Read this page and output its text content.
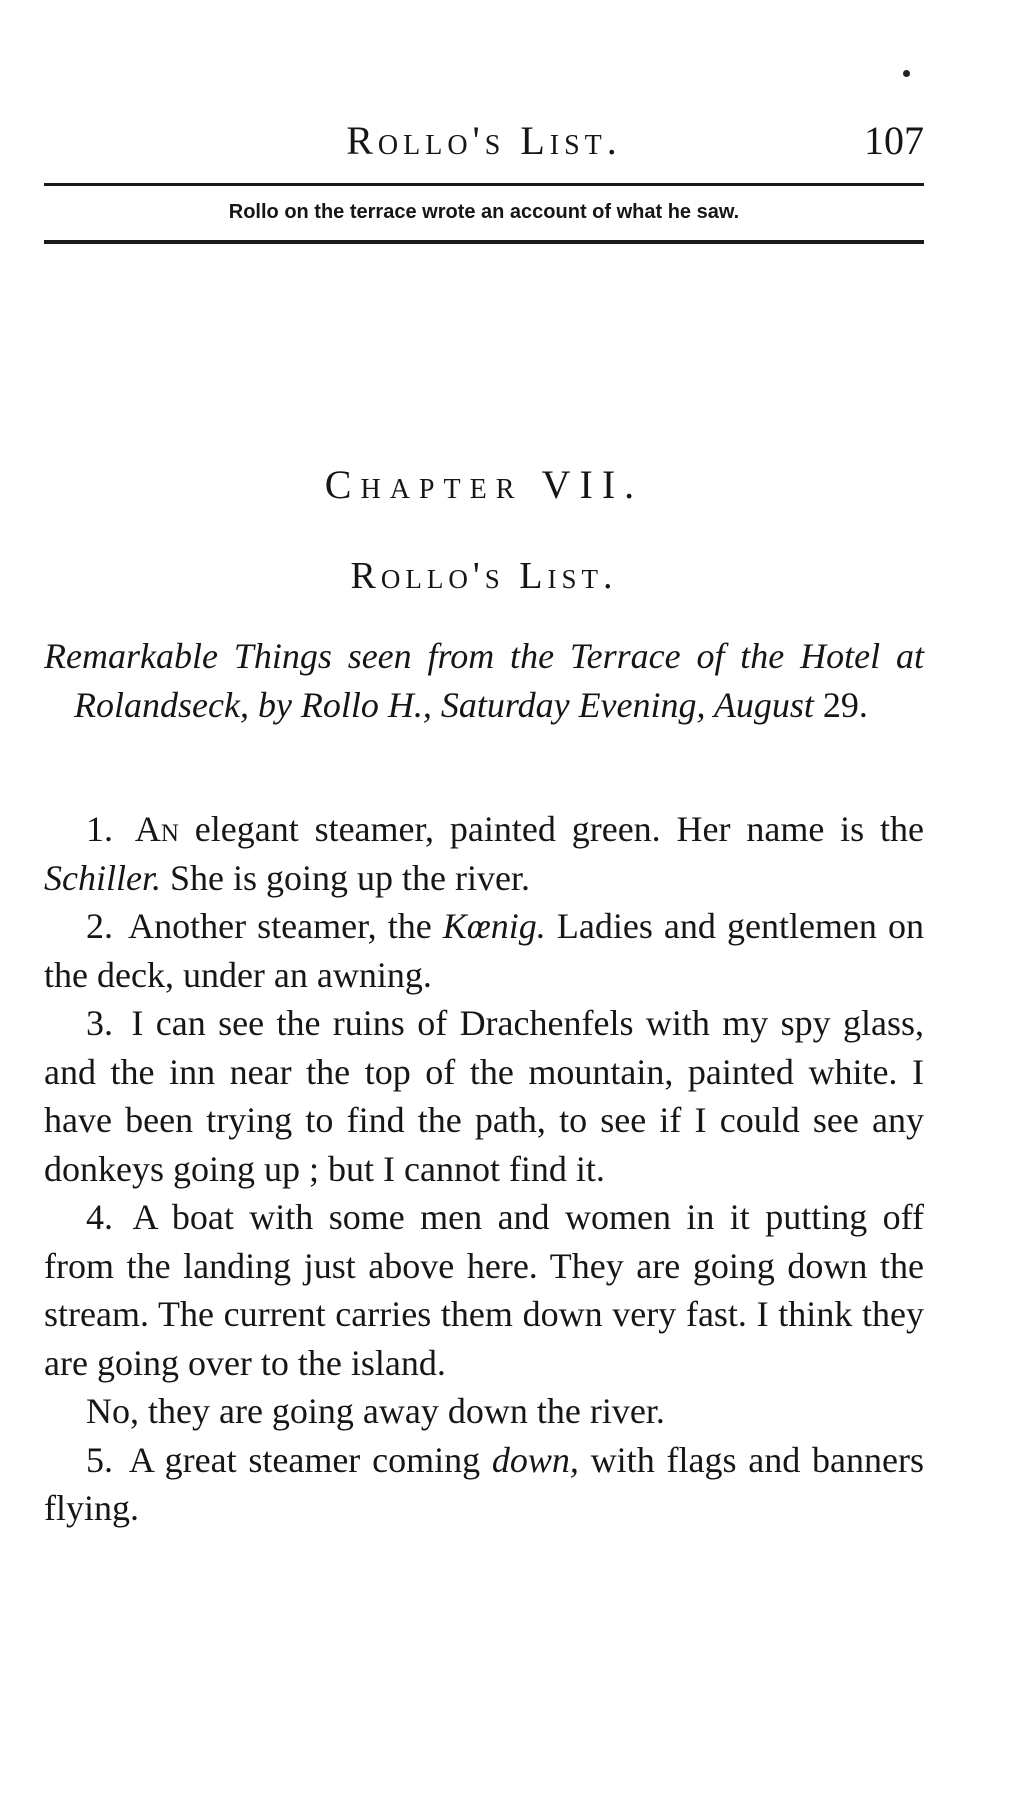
Rollo's List.	107
Rollo on the terrace wrote an account of what he saw.
Chapter VII.
Rollo's List.
Remarkable Things seen from the Terrace of the Hotel at Rolandseck, by Rollo H., Saturday Evening, August 29.

1. An elegant steamer, painted green. Her name is the Schiller. She is going up the river.

2. Another steamer, the Kœnig. Ladies and gentlemen on the deck, under an awning.

3. I can see the ruins of Drachenfels with my spy glass, and the inn near the top of the mountain, painted white. I have been trying to find the path, to see if I could see any donkeys going up ; but I cannot find it.

4. A boat with some men and women in it putting off from the landing just above here. They are going down the stream. The current carries them down very fast. I think they are going over to the island.

No, they are going away down the river.

5. A great steamer coming down, with flags and banners flying.
